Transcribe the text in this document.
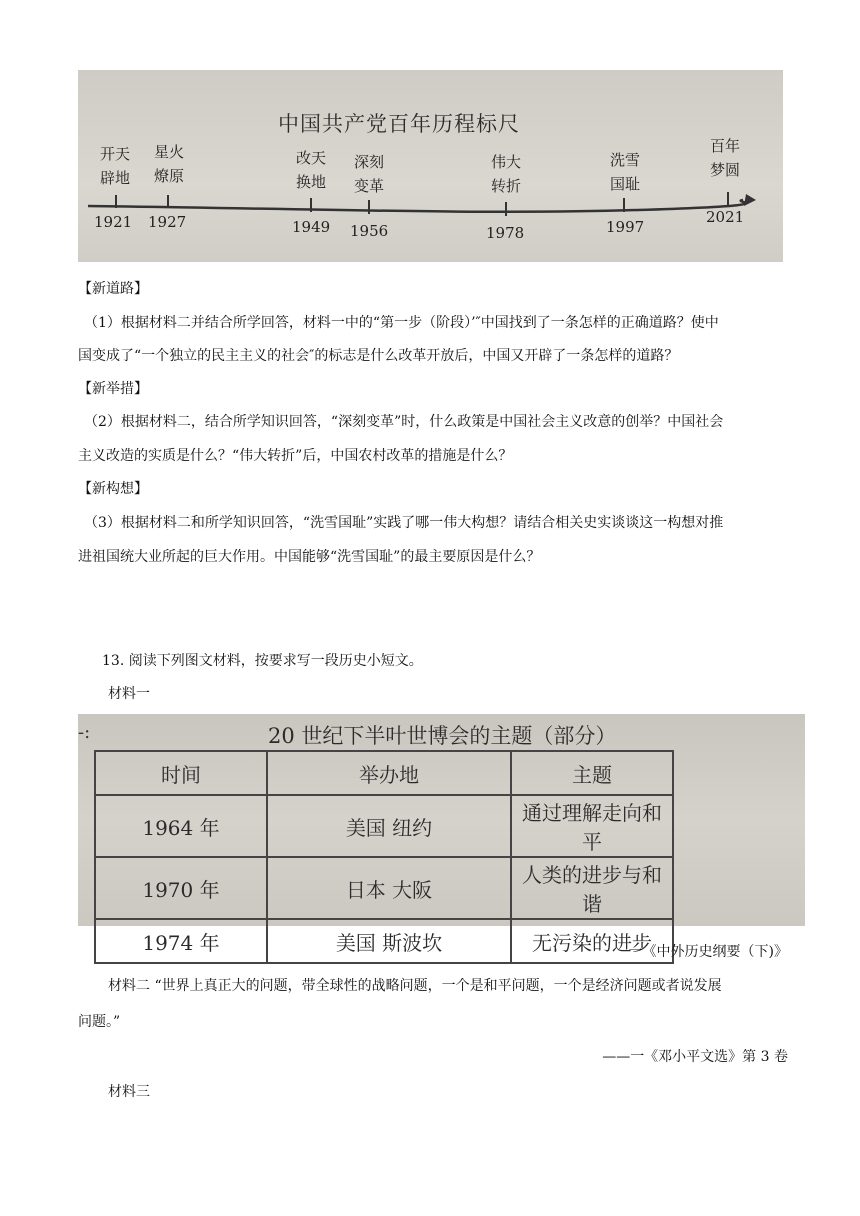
中国共产党百年历程标尺
开天
辟地
1921
星火
燎原
1927
改天
换地
1949
深刻
变革
1956
伟大
转折
1978
洗雪
国耻
1997
百年
梦圆
2021
【新道路】
（1）根据材料二并结合所学回答，材料一中的“第一步（阶段）’″中国找到了一条怎样的正确道路？使中
国变成了“一个独立的民主主义的社会″的标志是什么改革开放后，中国又开辟了一条怎样的道路？
【新举措】
（2）根据材料二，结合所学知识回答，“深刻变革”时，什么政策是中国社会主义改意的创举？中国社会
主义改造的实质是什么？“伟大转折”后，中国农村改革的措施是什么？
【新构想】
（3）根据材料二和所学知识回答，“洗雪国耻”实践了哪一伟大构想？请结合相关史实谈谈这一构想对推
进祖国统大业所起的巨大作用。中国能够“洗雪国耻”的最主要原因是什么？
13. 阅读下列图文材料，按要求写一段历史小短文。
材料一
‑:	20 世纪下半叶世博会的主题（部分）
时间	举办地	主题
1964 年	美国 纽约	通过理解走向和平
1970 年	日本 大阪	人类的进步与和谐
1974 年	美国 斯波坎	无污染的进步
一《中外历史纲要（下)》
材料二 “世界上真正大的问题，带全球性的战略问题，一个是和平问题，一个是经济问题或者说发展
问题。”
——一《邓小平文选》第 3 卷
材料三
